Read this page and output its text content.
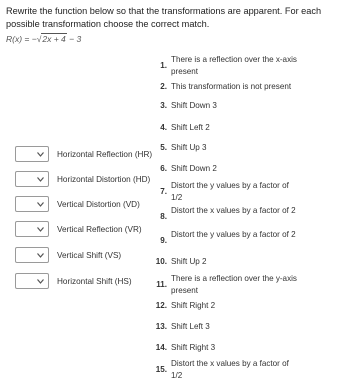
Rewrite the function below so that the transformations are apparent. For each possible transformation choose the correct match.
R(x) = −√2x + 4 − 3
Horizontal Reflection (HR)
Horizontal Distortion (HD)
Vertical Distortion (VD)
Vertical Reflection (VR)
Vertical Shift (VS)
Horizontal Shift (HS)
1.
There is a reflection over the x-axis present
2. This transformation is not present
3. Shift Down 3
4. Shift Left 2
5. Shift Up 3
6. Shift Down 2
7.
Distort the y values by a factor of 1/2
8.
Distort the x values by a factor of 2
9.
Distort the y values by a factor of 2
10. Shift Up 2
11.
There is a reflection over the y-axis present
12. Shift Right 2
13. Shift Left 3
14. Shift Right 3
15.
Distort the x values by a factor of 1/2
